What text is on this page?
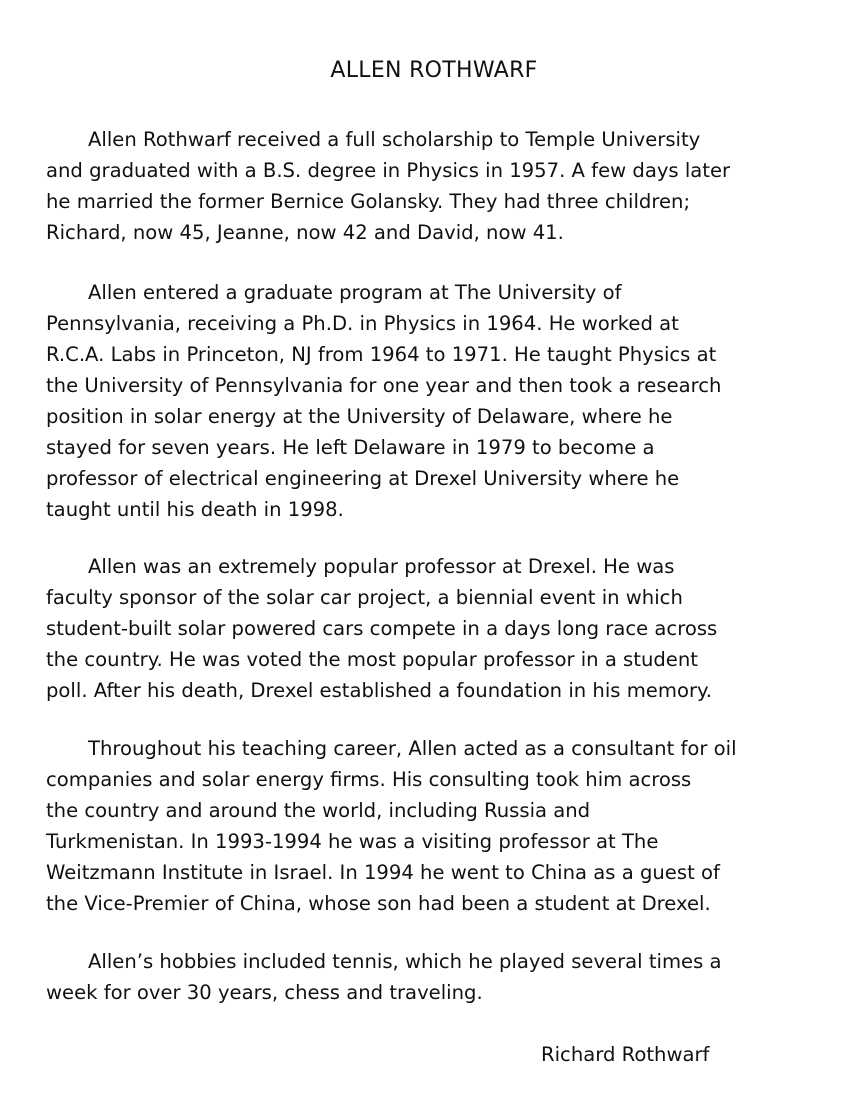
ALLEN ROTHWARF

Allen Rothwarf received a full scholarship to Temple University
and graduated with a B.S. degree in Physics in 1957. A few days later
he married the former Bernice Golansky. They had three children;
Richard, now 45, Jeanne, now 42 and David, now 41.

Allen entered a graduate program at The University of
Pennsylvania, receiving a Ph.D. in Physics in 1964. He worked at
R.C.A. Labs in Princeton, NJ from 1964 to 1971. He taught Physics at
the University of Pennsylvania for one year and then took a research
position in solar energy at the University of Delaware, where he
stayed for seven years. He left Delaware in 1979 to become a
professor of electrical engineering at Drexel University where he
taught until his death in 1998.

Allen was an extremely popular professor at Drexel. He was
faculty sponsor of the solar car project, a biennial event in which
student-built solar powered cars compete in a days long race across
the country. He was voted the most popular professor in a student
poll. After his death, Drexel established a foundation in his memory.

Throughout his teaching career, Allen acted as a consultant for oil
companies and solar energy firms. His consulting took him across
the country and around the world, including Russia and
Turkmenistan. In 1993-1994 he was a visiting professor at The
Weitzmann Institute in Israel. In 1994 he went to China as a guest of
the Vice-Premier of China, whose son had been a student at Drexel.

Allen’s hobbies included tennis, which he played several times a
week for over 30 years, chess and traveling.

Richard Rothwarf
